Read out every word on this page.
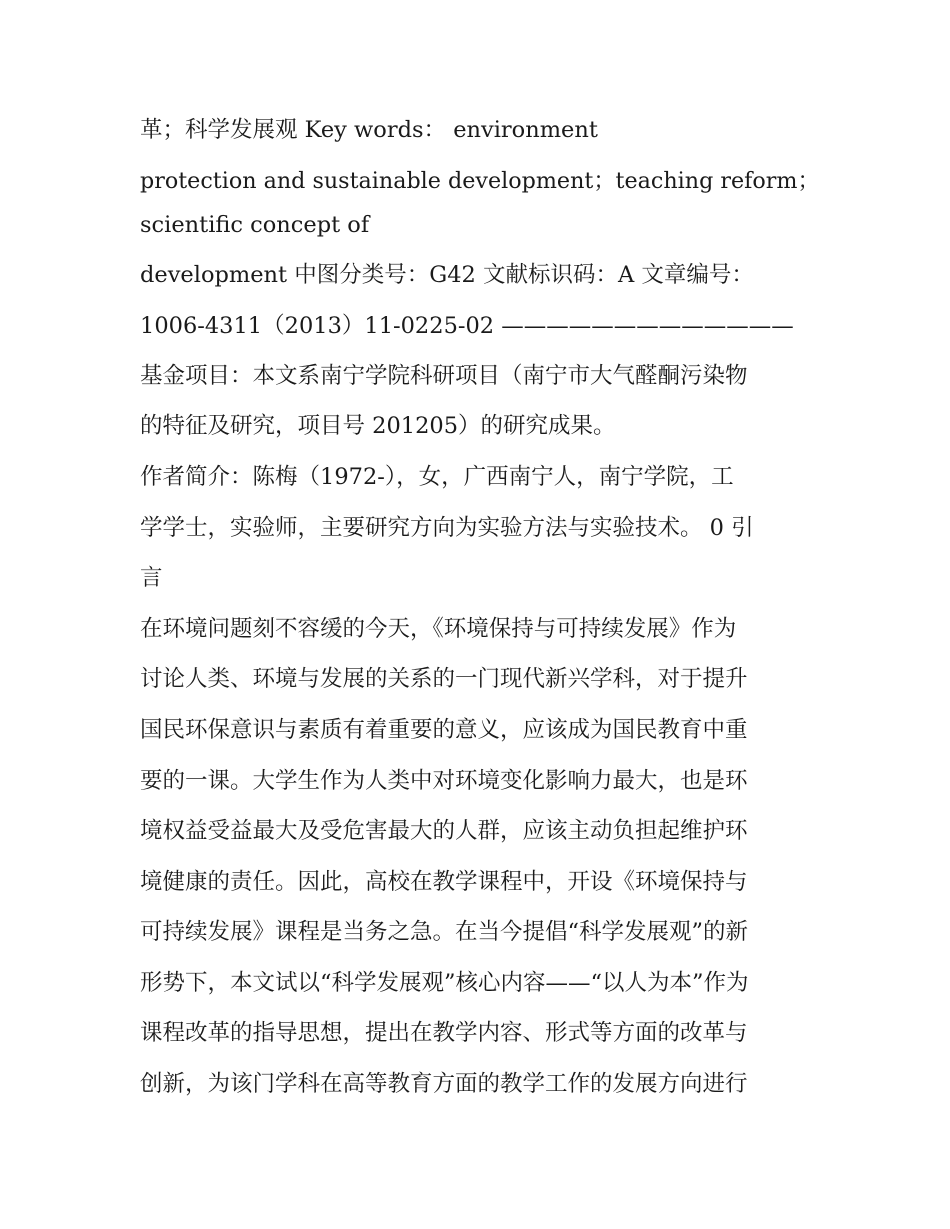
革；科学发展观 Key words： environment
protection and sustainable development；teaching reform；
scientific concept of
development 中图分类号：G42 文献标识码：A 文章编号：
1006-4311（2013）11-0225-02 —————————————
基金项目：本文系南宁学院科研项目（南宁市大气醛酮污染物
的特征及研究，项目号 201205）的研究成果。
作者简介：陈梅（1972-），女，广西南宁人，南宁学院，工
学学士，实验师，主要研究方向为实验方法与实验技术。 0 引
言
在环境问题刻不容缓的今天，《环境保持与可持续发展》作为
讨论人类、环境与发展的关系的一门现代新兴学科，对于提升
国民环保意识与素质有着重要的意义，应该成为国民教育中重
要的一课。大学生作为人类中对环境变化影响力最大，也是环
境权益受益最大及受危害最大的人群，应该主动负担起维护环
境健康的责任。因此，高校在教学课程中，开设《环境保持与
可持续发展》课程是当务之急。在当今提倡“科学发展观”的新
形势下，本文试以“科学发展观”核心内容——“以人为本”作为
课程改革的指导思想，提出在教学内容、形式等方面的改革与
创新，为该门学科在高等教育方面的教学工作的发展方向进行
